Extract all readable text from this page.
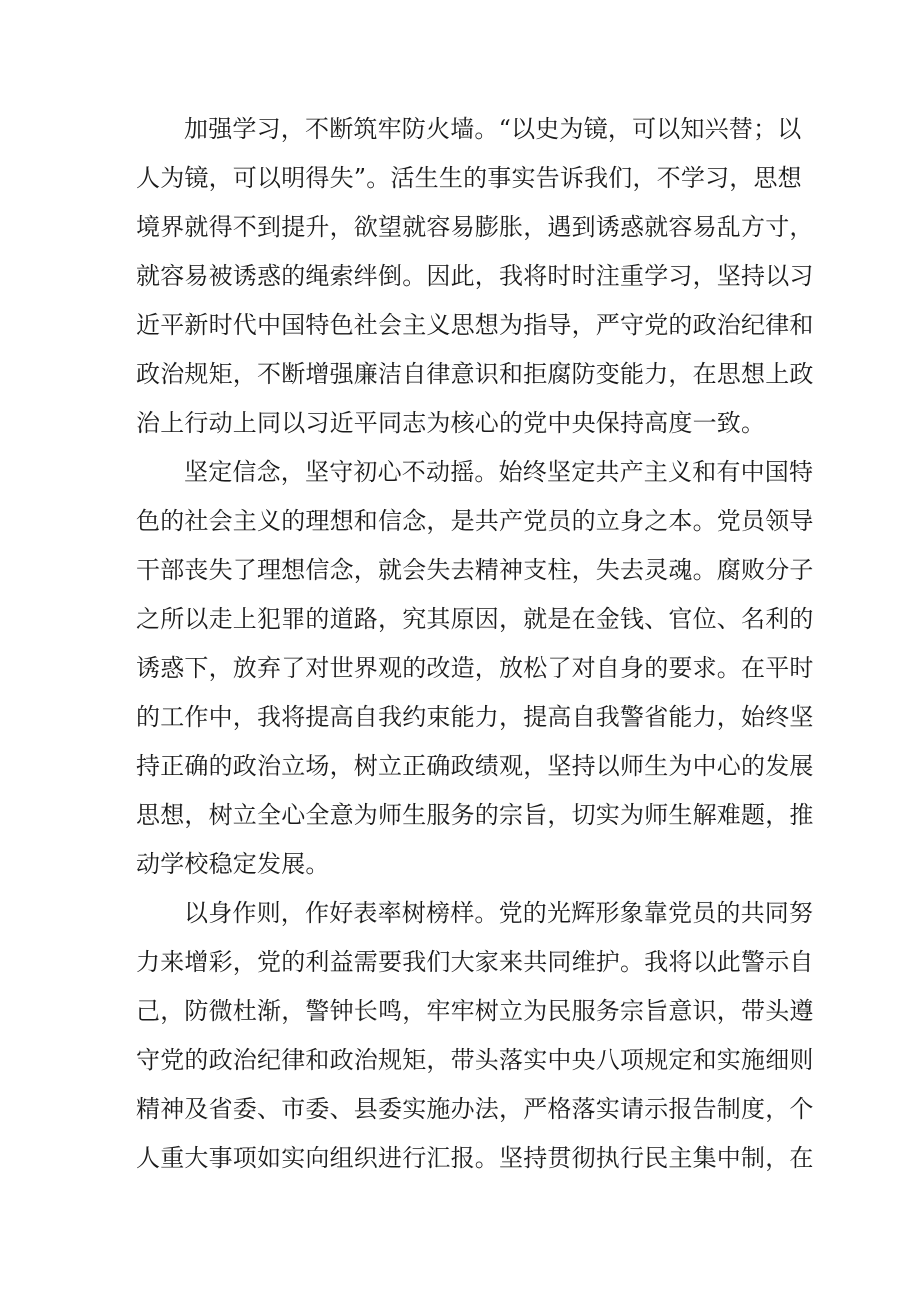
加强学习，不断筑牢防火墙。“以史为镜，可以知兴替；以
人为镜，可以明得失”。活生生的事实告诉我们，不学习，思想
境界就得不到提升，欲望就容易膨胀，遇到诱惑就容易乱方寸，
就容易被诱惑的绳索绊倒。因此，我将时时注重学习，坚持以习
近平新时代中国特色社会主义思想为指导，严守党的政治纪律和
政治规矩，不断增强廉洁自律意识和拒腐防变能力，在思想上政
治上行动上同以习近平同志为核心的党中央保持高度一致。
坚定信念，坚守初心不动摇。始终坚定共产主义和有中国特
色的社会主义的理想和信念，是共产党员的立身之本。党员领导
干部丧失了理想信念，就会失去精神支柱，失去灵魂。腐败分子
之所以走上犯罪的道路，究其原因，就是在金钱、官位、名利的
诱惑下，放弃了对世界观的改造，放松了对自身的要求。在平时
的工作中，我将提高自我约束能力，提高自我警省能力，始终坚
持正确的政治立场，树立正确政绩观，坚持以师生为中心的发展
思想，树立全心全意为师生服务的宗旨，切实为师生解难题，推
动学校稳定发展。
以身作则，作好表率树榜样。党的光辉形象靠党员的共同努
力来增彩，党的利益需要我们大家来共同维护。我将以此警示自
己，防微杜渐，警钟长鸣，牢牢树立为民服务宗旨意识，带头遵
守党的政治纪律和政治规矩，带头落实中央八项规定和实施细则
精神及省委、市委、县委实施办法，严格落实请示报告制度，个
人重大事项如实向组织进行汇报。坚持贯彻执行民主集中制，在
